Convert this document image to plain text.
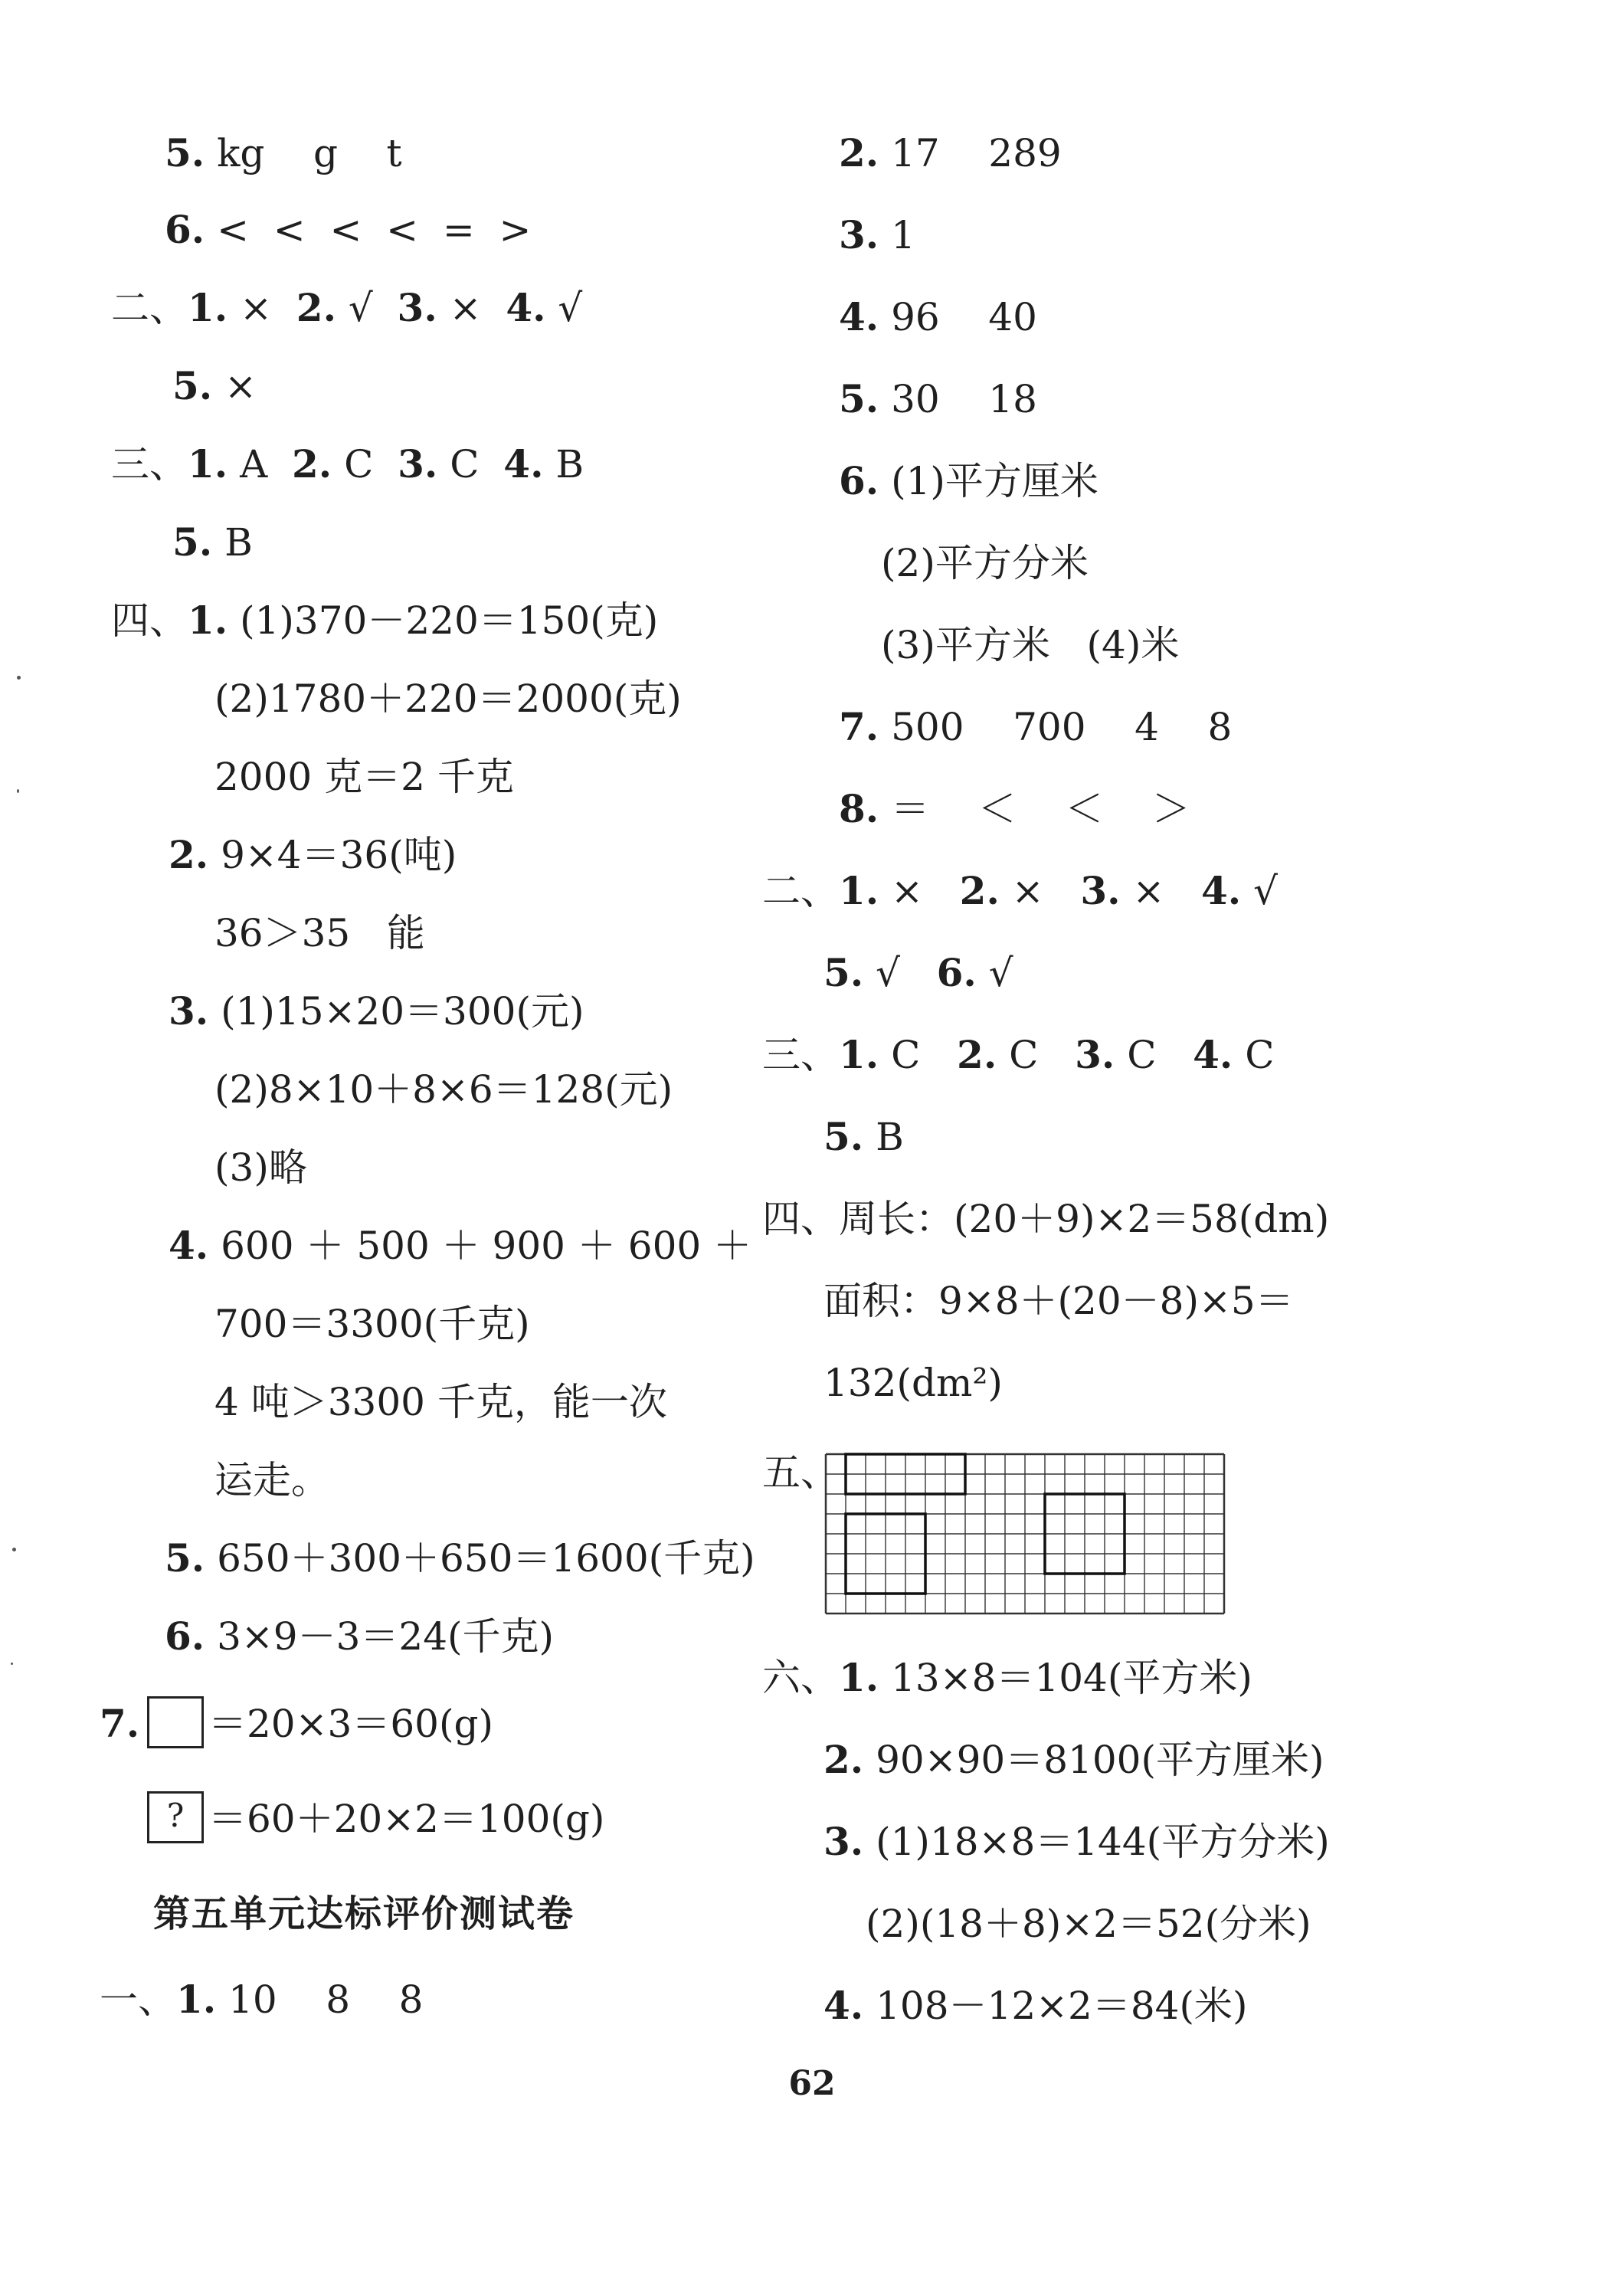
5. kg    g    t
6. <  <  <  <  =  >
二、1. ×  2. √  3. ×  4. √
5. ×
三、1. A  2. C  3. C  4. B
5. B
四、1. (1)370－220＝150(克)
(2)1780＋220＝2000(克)
2000 克＝2 千克
2. 9×4＝36(吨)
36＞35   能
3. (1)15×20＝300(元)
(2)8×10＋8×6＝128(元)
(3)略
4. 600 ＋ 500 ＋ 900 ＋ 600 ＋
700＝3300(千克)
4 吨＞3300 千克，能一次
运走。
5. 650＋300＋650＝1600(千克)
6. 3×9－3＝24(千克)
7. ＝20×3＝60(g)
? ＝60＋20×2＝100(g)
第五单元达标评价测试卷
一、1. 10    8    8
2. 17    289
3. 1
4. 96    40
5. 30    18
6. (1)平方厘米
(2)平方分米
(3)平方米   (4)米
7. 500    700    4    8
8. ＝    ＜    ＜    ＞
二、1. ×   2. ×   3. ×   4. √
5. √   6. √
三、1. C   2. C   3. C   4. C
5. B
四、周长：(20＋9)×2＝58(dm)
面积：9×8＋(20－8)×5＝
132(dm²)
五、
六、1. 13×8＝104(平方米)
2. 90×90＝8100(平方厘米)
3. (1)18×8＝144(平方分米)
(2)(18＋8)×2＝52(分米)
4. 108－12×2＝84(米)
62
